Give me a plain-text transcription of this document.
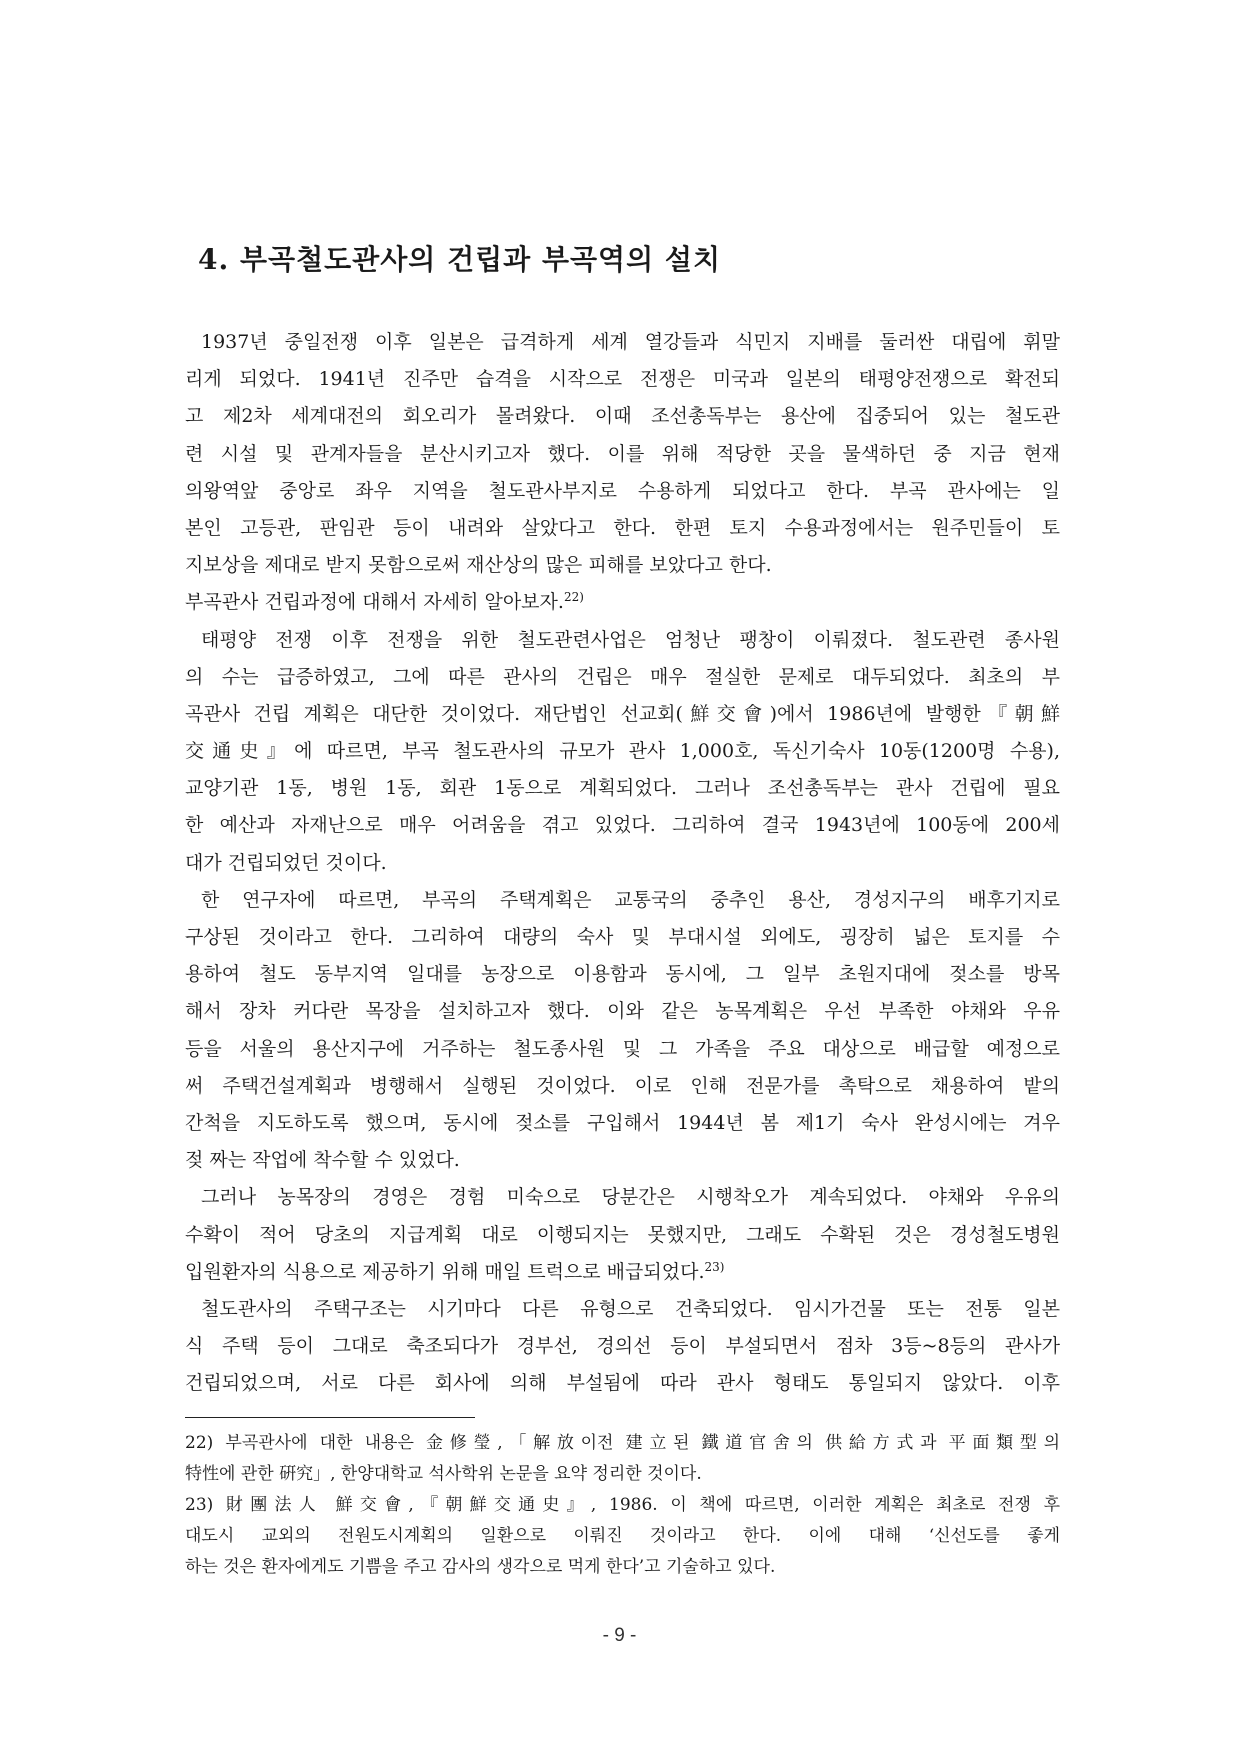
4. 부곡철도관사의 건립과 부곡역의 설치
1937년 중일전쟁 이후 일본은 급격하게 세계 열강들과 식민지 지배를 둘러싼 대립에 휘말
리게 되었다. 1941년 진주만 습격을 시작으로 전쟁은 미국과 일본의 태평양전쟁으로 확전되
고 제2차 세계대전의 회오리가 몰려왔다. 이때 조선총독부는 용산에 집중되어 있는 철도관
련 시설 및 관계자들을 분산시키고자 했다. 이를 위해 적당한 곳을 물색하던 중 지금 현재
의왕역앞 중앙로 좌우 지역을 철도관사부지로 수용하게 되었다고 한다. 부곡 관사에는 일
본인 고등관, 판임관 등이 내려와 살았다고 한다. 한편 토지 수용과정에서는 원주민들이 토
지보상을 제대로 받지 못함으로써 재산상의 많은 피해를 보았다고 한다.
부곡관사 건립과정에 대해서 자세히 알아보자.$^{22)}$
태평양 전쟁 이후 전쟁을 위한 철도관련사업은 엄청난 팽창이 이뤄졌다. 철도관련 종사원
의 수는 급증하였고, 그에 따른 관사의 건립은 매우 절실한 문제로 대두되었다. 최초의 부
곡관사 건립 계획은 대단한 것이었다. 재단법인 선교회(鮮交會)에서 1986년에 발행한『朝鮮
交通史』에 따르면, 부곡 철도관사의 규모가 관사 1,000호, 독신기숙사 10동(1200명 수용),
교양기관 1동, 병원 1동, 회관 1동으로 계획되었다. 그러나 조선총독부는 관사 건립에 필요
한 예산과 자재난으로 매우 어려움을 겪고 있었다. 그리하여 결국 1943년에 100동에 200세
대가 건립되었던 것이다.
한 연구자에 따르면, 부곡의 주택계획은 교통국의 중추인 용산, 경성지구의 배후기지로
구상된 것이라고 한다. 그리하여 대량의 숙사 및 부대시설 외에도, 굉장히 넓은 토지를 수
용하여 철도 동부지역 일대를 농장으로 이용함과 동시에, 그 일부 초원지대에 젖소를 방목
해서 장차 커다란 목장을 설치하고자 했다. 이와 같은 농목계획은 우선 부족한 야채와 우유
등을 서울의 용산지구에 거주하는 철도종사원 및 그 가족을 주요 대상으로 배급할 예정으로
써 주택건설계획과 병행해서 실행된 것이었다. 이로 인해 전문가를 촉탁으로 채용하여 밭의
간척을 지도하도록 했으며, 동시에 젖소를 구입해서 1944년 봄 제1기 숙사 완성시에는 겨우
젖 짜는 작업에 착수할 수 있었다.
그러나 농목장의 경영은 경험 미숙으로 당분간은 시행착오가 계속되었다. 야채와 우유의
수확이 적어 당초의 지급계획 대로 이행되지는 못했지만, 그래도 수확된 것은 경성철도병원
입원환자의 식용으로 제공하기 위해 매일 트럭으로 배급되었다.$^{23)}$
철도관사의 주택구조는 시기마다 다른 유형으로 건축되었다. 임시가건물 또는 전통 일본
식 주택 등이 그대로 축조되다가 경부선, 경의선 등이 부설되면서 점차 3등~8등의 관사가
건립되었으며, 서로 다른 회사에 의해 부설됨에 따라 관사 형태도 통일되지 않았다. 이후
22) 부곡관사에 대한 내용은 金修瑩,「解放이전 建立된 鐵道官舍의 供給方式과 平面類型의
特性에 관한 硏究」, 한양대학교 석사학위 논문을 요약 정리한 것이다.
23) 財團法人 鮮交會,『朝鮮交通史』, 1986. 이 책에 따르면, 이러한 계획은 최초로 전쟁 후
대도시 교외의 전원도시계획의 일환으로 이뤄진 것이라고 한다. 이에 대해 ‘신선도를 좋게
하는 것은 환자에게도 기쁨을 주고 감사의 생각으로 먹게 한다’고 기술하고 있다.
- 9 -
